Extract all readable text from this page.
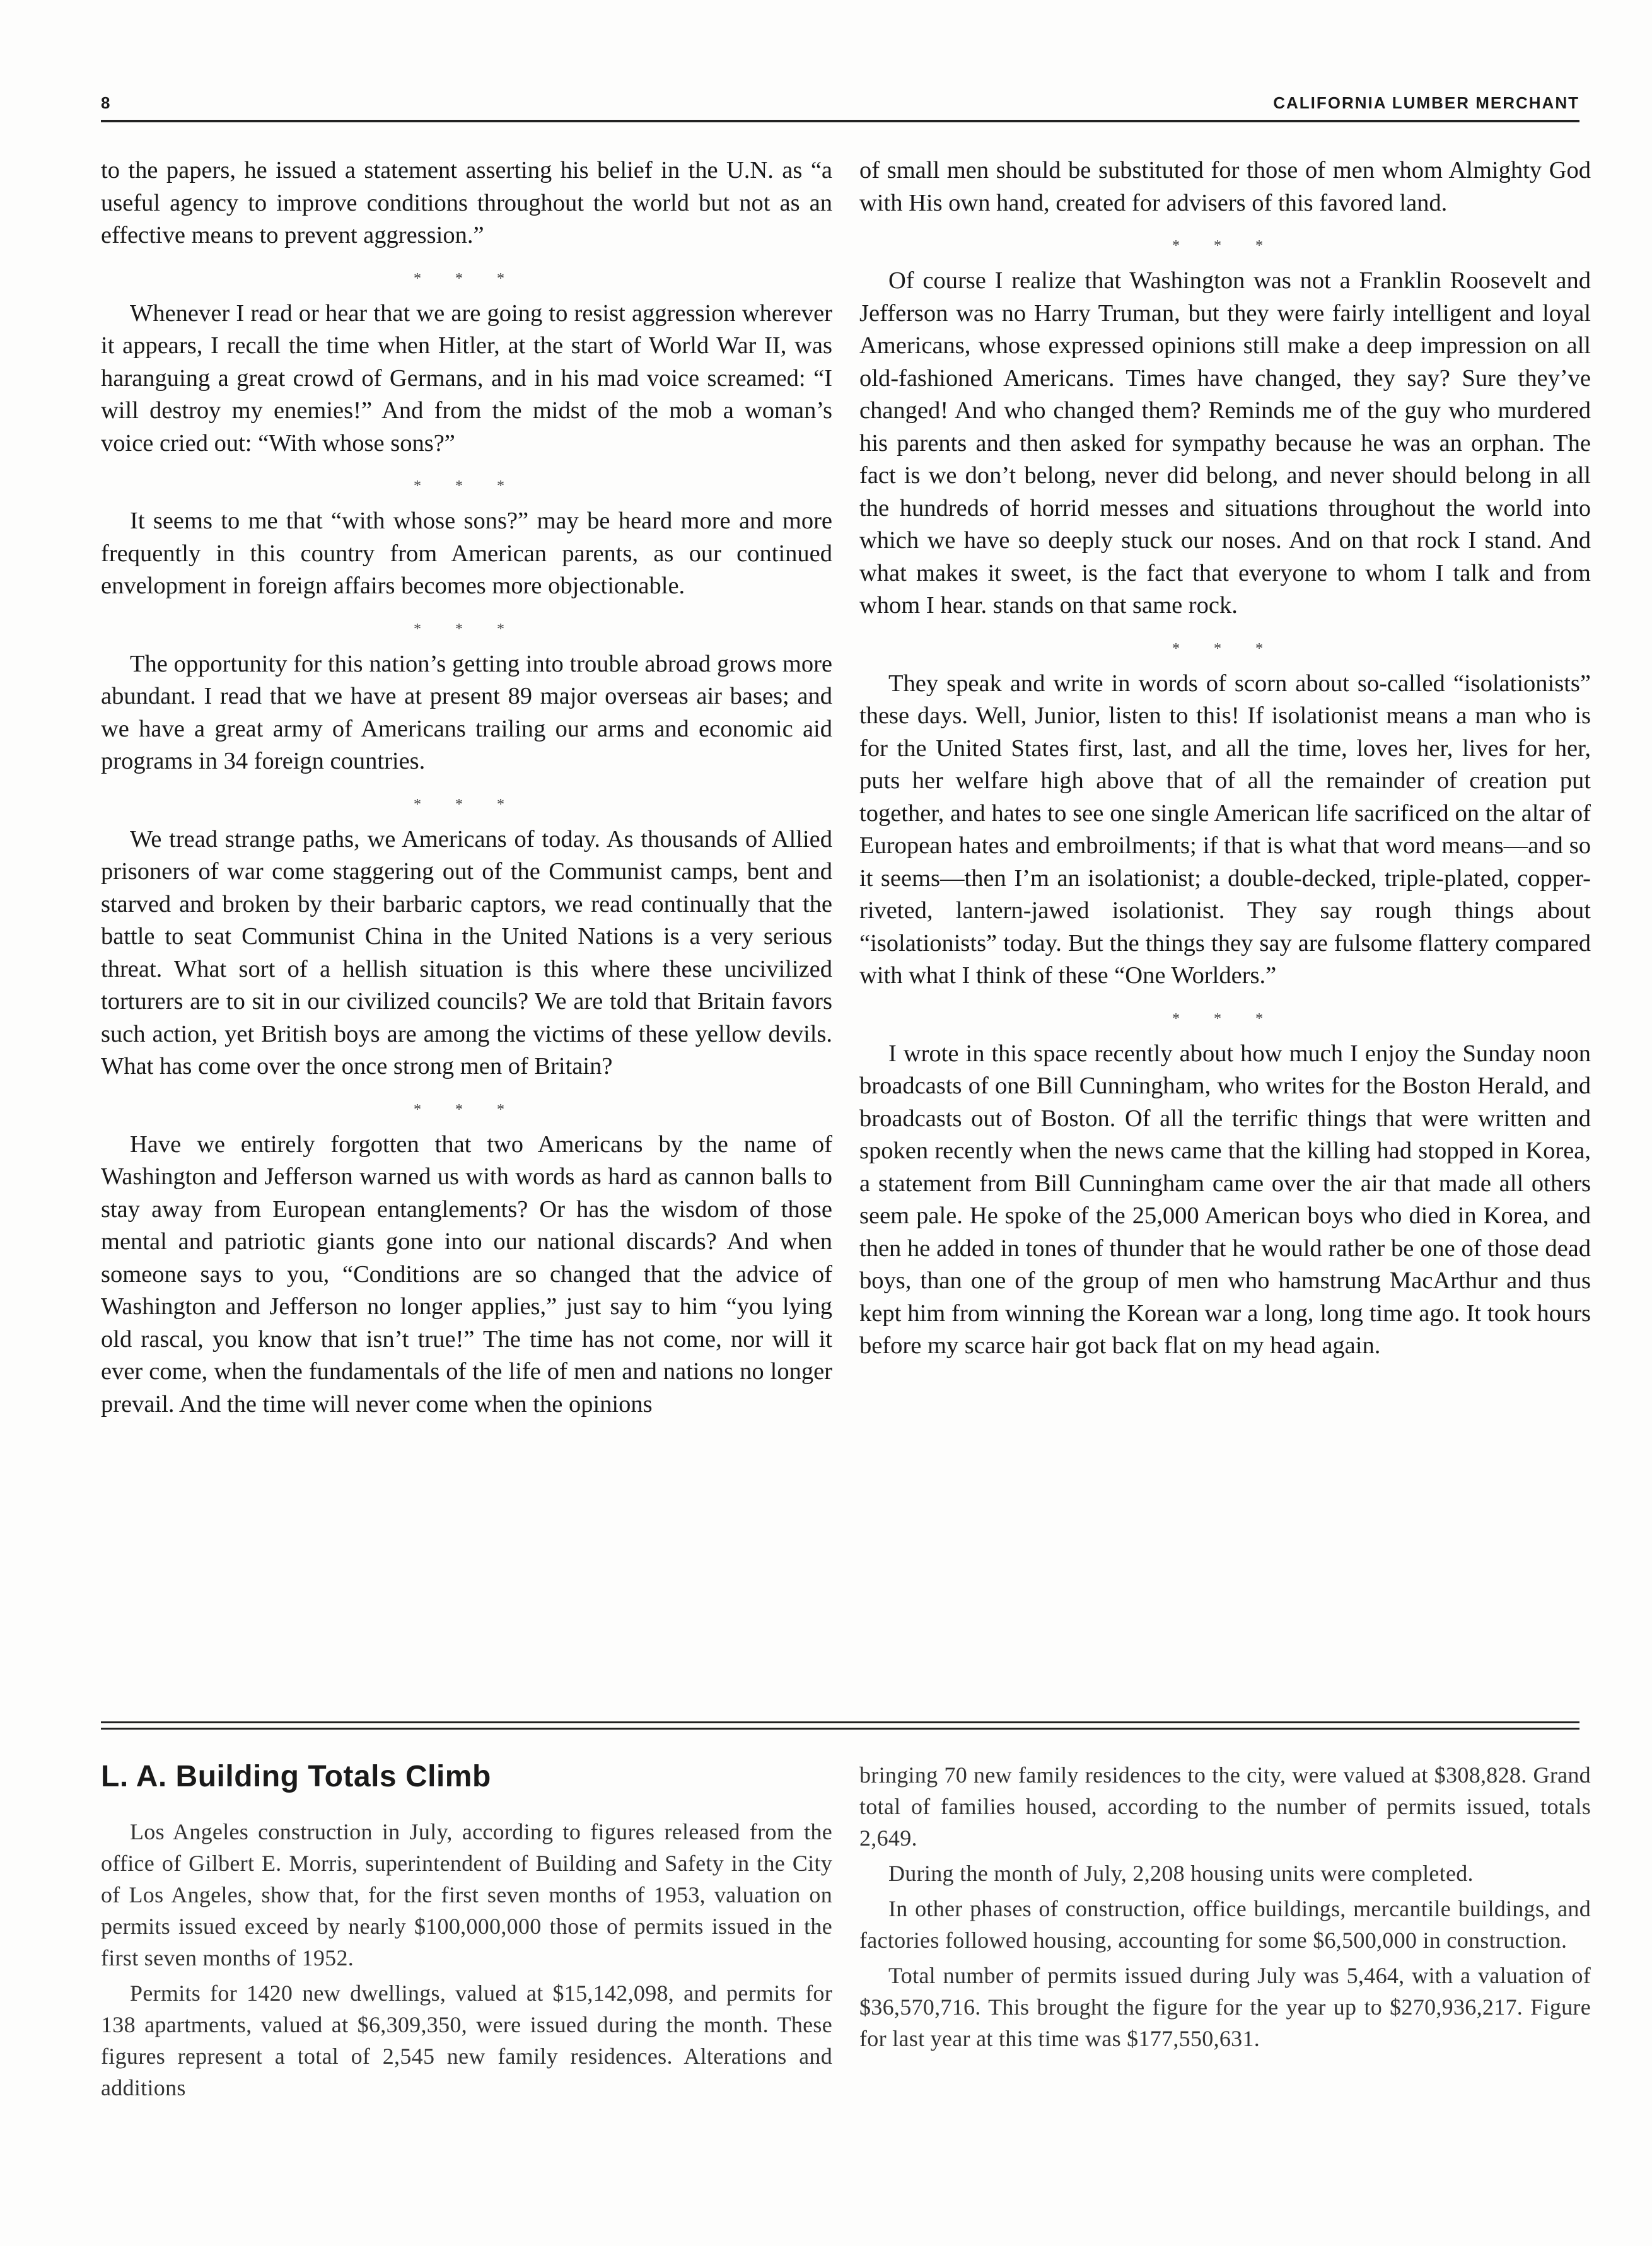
8	CALIFORNIA LUMBER MERCHANT

to the papers, he issued a statement asserting his belief in the U.N. as “a useful agency to improve conditions throughout the world but not as an effective means to prevent aggression.”

* * *

Whenever I read or hear that we are going to resist aggression wherever it appears, I recall the time when Hitler, at the start of World War II, was haranguing a great crowd of Germans, and in his mad voice screamed: “I will destroy my enemies!” And from the midst of the mob a woman’s voice cried out: “With whose sons?”

* * *

It seems to me that “with whose sons?” may be heard more and more frequently in this country from American parents, as our continued envelopment in foreign affairs becomes more objectionable.

* * *

The opportunity for this nation’s getting into trouble abroad grows more abundant. I read that we have at present 89 major overseas air bases; and we have a great army of Americans trailing our arms and economic aid programs in 34 foreign countries.

* * *

We tread strange paths, we Americans of today. As thousands of Allied prisoners of war come staggering out of the Communist camps, bent and starved and broken by their barbaric captors, we read continually that the battle to seat Communist China in the United Nations is a very serious threat. What sort of a hellish situation is this where these uncivilized torturers are to sit in our civilized councils? We are told that Britain favors such action, yet British boys are among the victims of these yellow devils. What has come over the once strong men of Britain?

* * *

Have we entirely forgotten that two Americans by the name of Washington and Jefferson warned us with words as hard as cannon balls to stay away from European entanglements? Or has the wisdom of those mental and patriotic giants gone into our national discards? And when someone says to you, “Conditions are so changed that the advice of Washington and Jefferson no longer applies,” just say to him “you lying old rascal, you know that isn’t true!” The time has not come, nor will it ever come, when the fundamentals of the life of men and nations no longer prevail. And the time will never come when the opinions

of small men should be substituted for those of men whom Almighty God with His own hand, created for advisers of this favored land.

* * *

Of course I realize that Washington was not a Franklin Roosevelt and Jefferson was no Harry Truman, but they were fairly intelligent and loyal Americans, whose expressed opinions still make a deep impression on all old-fashioned Americans. Times have changed, they say? Sure they’ve changed! And who changed them? Reminds me of the guy who murdered his parents and then asked for sympathy because he was an orphan. The fact is we don’t belong, never did belong, and never should belong in all the hundreds of horrid messes and situations throughout the world into which we have so deeply stuck our noses. And on that rock I stand. And what makes it sweet, is the fact that everyone to whom I talk and from whom I hear. stands on that same rock.

* * *

They speak and write in words of scorn about so-called “isolationists” these days. Well, Junior, listen to this! If isolationist means a man who is for the United States first, last, and all the time, loves her, lives for her, puts her welfare high above that of all the remainder of creation put together, and hates to see one single American life sacrificed on the altar of European hates and embroilments; if that is what that word means—and so it seems—then I’m an isolationist; a double-decked, triple-plated, copper-riveted, lantern-jawed isolationist. They say rough things about “isolationists” today. But the things they say are fulsome flattery compared with what I think of these “One Worlders.”

* * *

I wrote in this space recently about how much I enjoy the Sunday noon broadcasts of one Bill Cunningham, who writes for the Boston Herald, and broadcasts out of Boston. Of all the terrific things that were written and spoken recently when the news came that the killing had stopped in Korea, a statement from Bill Cunningham came over the air that made all others seem pale. He spoke of the 25,000 American boys who died in Korea, and then he added in tones of thunder that he would rather be one of those dead boys, than one of the group of men who hamstrung MacArthur and thus kept him from winning the Korean war a long, long time ago. It took hours before my scarce hair got back flat on my head again.

L. A. Building Totals Climb

Los Angeles construction in July, according to figures released from the office of Gilbert E. Morris, superintendent of Building and Safety in the City of Los Angeles, show that, for the first seven months of 1953, valuation on permits issued exceed by nearly $100,000,000 those of permits issued in the first seven months of 1952.

Permits for 1420 new dwellings, valued at $15,142,098, and permits for 138 apartments, valued at $6,309,350, were issued during the month. These figures represent a total of 2,545 new family residences. Alterations and additions

bringing 70 new family residences to the city, were valued at $308,828. Grand total of families housed, according to the number of permits issued, totals 2,649.

During the month of July, 2,208 housing units were completed.

In other phases of construction, office buildings, mercantile buildings, and factories followed housing, accounting for some $6,500,000 in construction.

Total number of permits issued during July was 5,464, with a valuation of $36,570,716. This brought the figure for the year up to $270,936,217. Figure for last year at this time was $177,550,631.
